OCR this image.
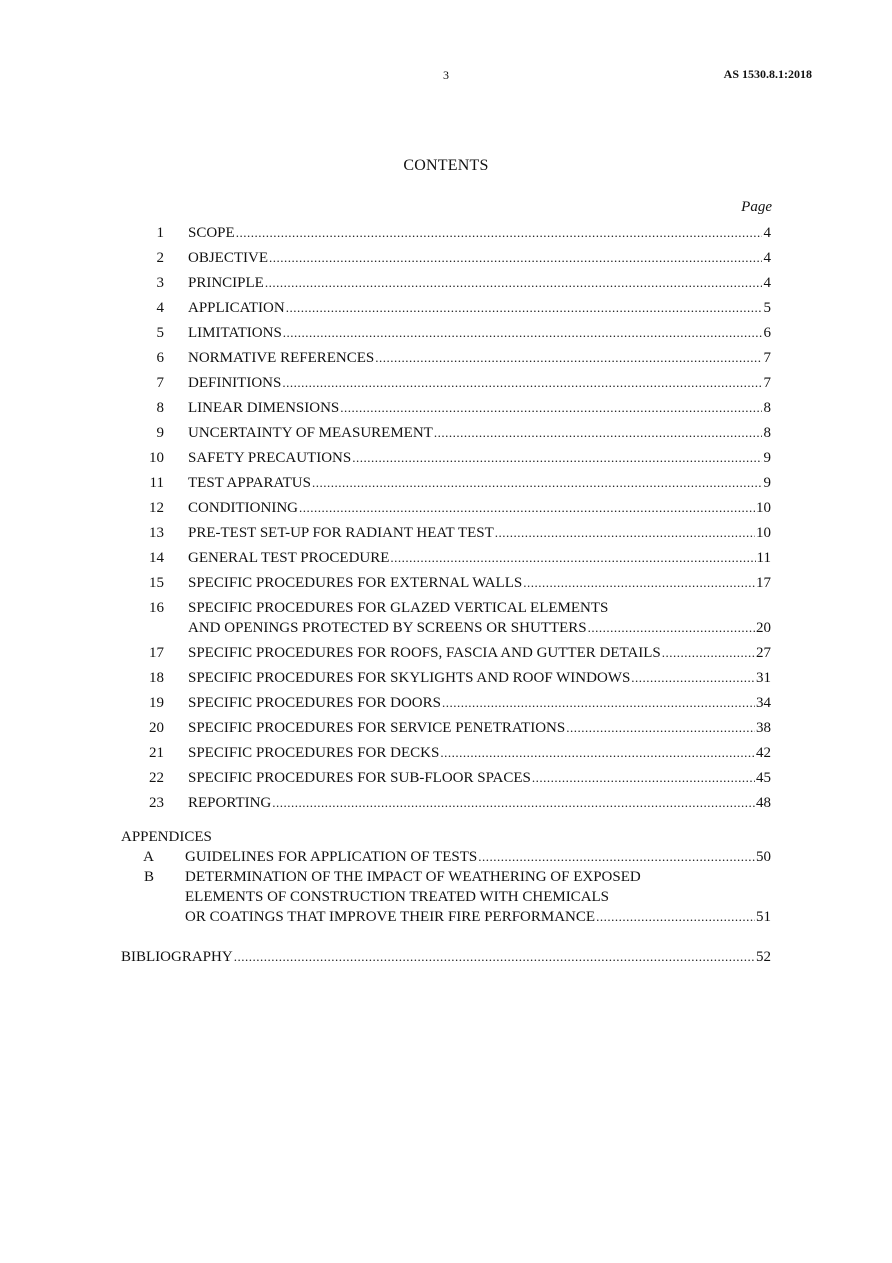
3	AS 1530.8.1:2018
CONTENTS
Page
1 SCOPE .....	4
2 OBJECTIVE .....	4
3 PRINCIPLE .....	4
4 APPLICATION .....	5
5 LIMITATIONS .....	6
6 NORMATIVE REFERENCES .....	7
7 DEFINITIONS .....	7
8 LINEAR DIMENSIONS .....	8
9 UNCERTAINTY OF MEASUREMENT .....	8
10 SAFETY PRECAUTIONS .....	9
11 TEST APPARATUS .....	9
12 CONDITIONING .....	10
13 PRE-TEST SET-UP FOR RADIANT HEAT TEST .....	10
14 GENERAL TEST PROCEDURE .....	11
15 SPECIFIC PROCEDURES FOR EXTERNAL WALLS .....	17
16 SPECIFIC PROCEDURES FOR GLAZED VERTICAL ELEMENTS
AND OPENINGS PROTECTED BY SCREENS OR SHUTTERS .....	20
17 SPECIFIC PROCEDURES FOR ROOFS, FASCIA AND GUTTER DETAILS .....	27
18 SPECIFIC PROCEDURES FOR SKYLIGHTS AND ROOF WINDOWS .....	31
19 SPECIFIC PROCEDURES FOR DOORS .....	34
20 SPECIFIC PROCEDURES FOR SERVICE PENETRATIONS .....	38
21 SPECIFIC PROCEDURES FOR DECKS .....	42
22 SPECIFIC PROCEDURES FOR SUB-FLOOR SPACES .....	45
23 REPORTING .....	48
APPENDICES
A GUIDELINES FOR APPLICATION OF TESTS .....	50
B DETERMINATION OF THE IMPACT OF WEATHERING OF EXPOSED
ELEMENTS OF CONSTRUCTION TREATED WITH CHEMICALS
OR COATINGS THAT IMPROVE THEIR FIRE PERFORMANCE .....	51
BIBLIOGRAPHY .....	52
